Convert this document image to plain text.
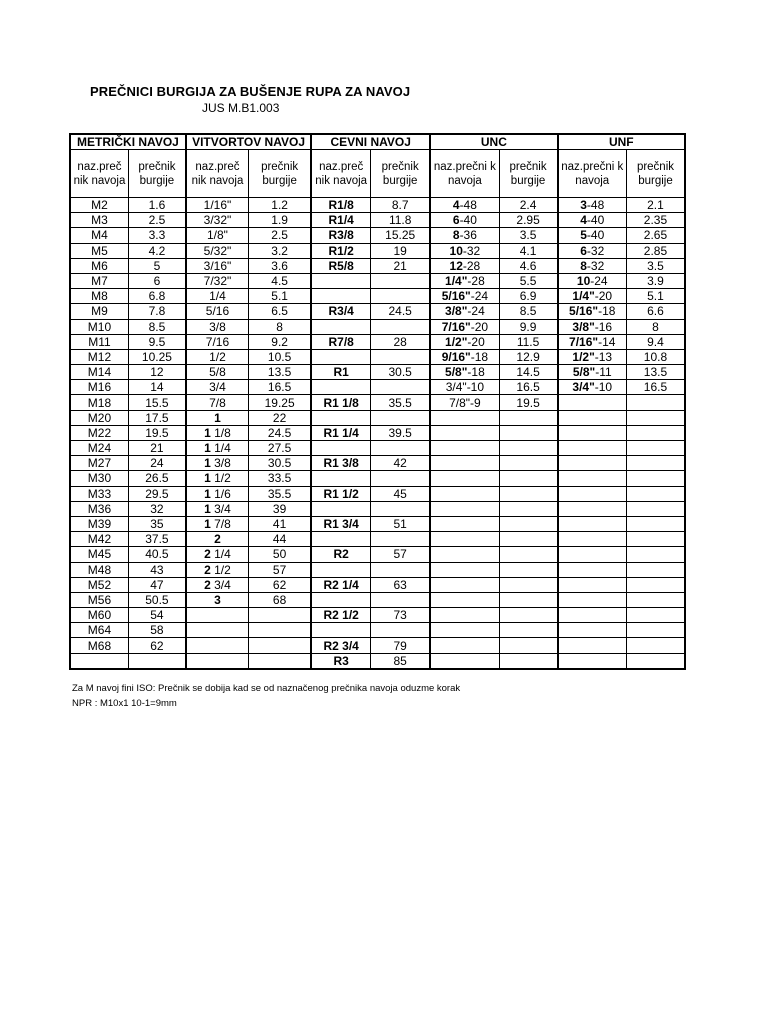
PREČNICI BURGIJA ZA BUŠENJE RUPA ZA NAVOJ
JUS M.B1.003
METRIČKI NAVOJ		VITVORTOV NAVOJ		CEVNI NAVOJ		UNC		UNF	
naz.preč nik navoja	prečnik burgije	naz.preč nik navoja	prečnik burgije	naz.preč nik navoja	prečnik burgije	naz.prečni k navoja	prečnik burgije	naz.prečni k navoja	prečnik burgije
M2	1.6	1/16"	1.2	R1/8	8.7	4-48	2.4	3-48	2.1
M3	2.5	3/32"	1.9	R1/4	11.8	6-40	2.95	4-40	2.35
M4	3.3	1/8"	2.5	R3/8	15.25	8-36	3.5	5-40	2.65
M5	4.2	5/32"	3.2	R1/2	19	10-32	4.1	6-32	2.85
M6	5	3/16"	3.6	R5/8	21	12-28	4.6	8-32	3.5
M7	6	7/32"	4.5			1/4"-28	5.5	10-24	3.9
M8	6.8	1/4	5.1			5/16"-24	6.9	1/4"-20	5.1
M9	7.8	5/16	6.5	R3/4	24.5	3/8"-24	8.5	5/16"-18	6.6
M10	8.5	3/8	8			7/16"-20	9.9	3/8"-16	8
M11	9.5	7/16	9.2	R7/8	28	1/2"-20	11.5	7/16"-14	9.4
M12	10.25	1/2	10.5			9/16"-18	12.9	1/2"-13	10.8
M14	12	5/8	13.5	R1	30.5	5/8"-18	14.5	5/8"-11	13.5
M16	14	3/4	16.5			3/4"-10	16.5	3/4"-10	16.5
M18	15.5	7/8	19.25	R1 1/8	35.5	7/8"-9	19.5		
M20	17.5	1	22						
M22	19.5	1 1/8	24.5	R1 1/4	39.5				
M24	21	1 1/4	27.5						
M27	24	1 3/8	30.5	R1 3/8	42				
M30	26.5	1 1/2	33.5						
M33	29.5	1 1/6	35.5	R1 1/2	45				
M36	32	1 3/4	39						
M39	35	1 7/8	41	R1 3/4	51				
M42	37.5	2	44						
M45	40.5	2 1/4	50	R2	57				
M48	43	2 1/2	57						
M52	47	2 3/4	62	R2 1/4	63				
M56	50.5	3	68						
M60	54			R2 1/2	73				
M64	58								
M68	62			R2 3/4	79				
				R3	85				
Za M navoj fini ISO: Prečnik se dobija kad se od naznačenog prečnika navoja oduzme korak
NPR : M10x1 10-1=9mm
